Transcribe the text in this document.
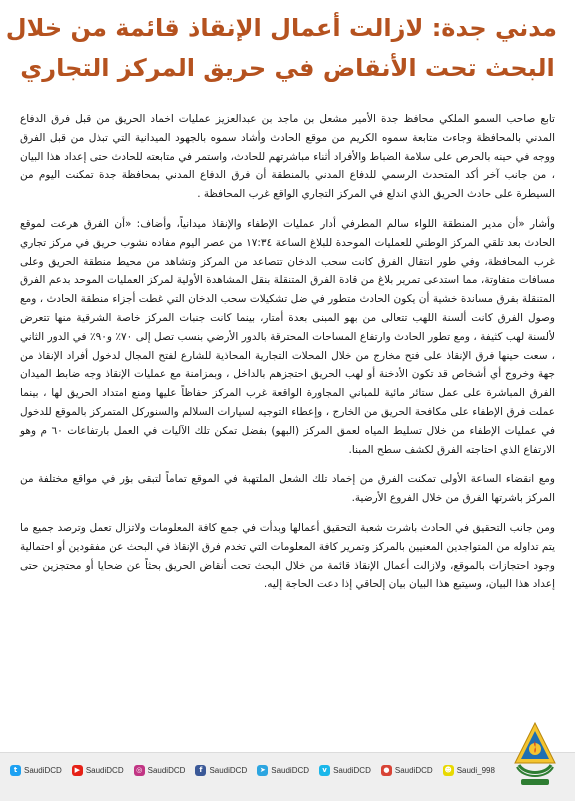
مدني جدة: لازالت أعمال الإنقاذ قائمة من خلال
البحث تحت الأنقاض في حريق المركز التجاري

تابع صاحب السمو الملكي محافظ جدة الأمير مشعل بن ماجد بن عبدالعزيز عمليات اخماد الحريق من قبل فرق الدفاع المدني بالمحافظة وجاءت متابعة سموه الكريم من موقع الحادث وأشاد سموه بالجهود الميدانية التي تبذل من قبل الفرق ووجه في حينه بالحرص على سلامة الضباط والأفراد أثناء مباشرتهم للحادث، واستمر في متابعته للحادث حتى إعداد هذا البيان ، من جانب آخر أكد المتحدث الرسمي للدفاع المدني بالمنطقة أن فرق الدفاع المدني بمحافظة جدة تمكنت اليوم من السيطرة على حادث الحريق الذي اندلع في المركز التجاري الواقع غرب المحافظة .

وأشار «أن مدير المنطقة اللواء سالم المطرفي أدار عمليات الإطفاء والإنقاذ ميدانياً، وأضاف: «أن الفرق هرعت لموقع الحادث بعد تلقي المركز الوطني للعمليات الموحدة للبلاغ الساعة ١٧:٣٤ من عصر اليوم مفاده نشوب حريق في مركز تجاري غرب المحافظة، وفي طور انتقال الفرق كانت سحب الدخان تتصاعد من المركز وتشاهد من محيط منطقة الحريق وعلى مسافات متفاوتة، مما استدعى تمرير بلاغ من قادة الفرق المتنقلة بنقل المشاهدة الأولية لمركز العمليات الموحد بدعم الفرق المتنقلة بفرق مساندة خشية أن يكون الحادث متطور في ضل تشكيلات سحب الدخان التي غطت أجزاء منطقة الحادث ، ومع وصول الفرق كانت ألسنة اللهب تتعالى من بهو المبنى بعدة أمتار، بينما كانت جنبات المركز خاصة الشرقية منها تتعرض لألسنة لهب كثيفة ، ومع تطور الحادث وارتفاع المساحات المحترقة بالدور الأرضي بنسب تصل إلى ٧٠٪ و٩٠٪ في الدور الثاني ، سعت حينها فرق الإنقاذ على فتح مخارج من خلال المحلات التجارية المحاذية للشارع لفتح المجال لدخول أفراد الإنقاذ من جهة وخروج أي أشخاص قد تكون الأدخنة أو لهب الحريق احتجزهم بالداخل ، وبمزامنة مع عمليات الإنقاذ وجه ضابط الميدان الفرق المباشرة على عمل ستائر مائية للمباني المجاورة الواقعة غرب المركز حفاظاً عليها ومنع امتداد الحريق لها ، بينما عملت فرق الإطفاء على مكافحة الحريق من الخارج ، وإعطاء التوجيه لسيارات السلالم والسنوركل المتمركز بالموقع للدخول في عمليات الإطفاء من خلال تسليط المياه لعمق المركز (البهو) بفضل تمكن تلك الآليات في العمل بارتفاعات ٦٠ م وهو الارتفاع الذي احتاجته الفرق لكشف سطح المبنا.

ومع انقضاء الساعة الأولى تمكنت الفرق من إخماد تلك الشعل الملتهبة في الموقع تماماً لتبقى بؤر في مواقع مختلفة من المركز باشرتها الفرق من خلال الفروع الأرضية.

ومن جانب التحقيق في الحادث باشرت شعبة التحقيق أعمالها وبدأت في جمع كافة المعلومات ولاتزال تعمل وترصد جميع ما يتم تداوله من المتواجدين المعنيين بالمركز وتمرير كافة المعلومات التي تخدم فرق الإنقاذ في البحث عن مفقودين أو احتمالية وجود احتجازات بالموقع، ولازالت أعمال الإنقاذ قائمة من خلال البحث تحت أنقاض الحريق بحثاً عن ضحايا أو محتجزين حتى إعداد هذا البيان، وسيتبع هذا البيان بيان إلحاقي إذا دعت الحاجة إليه.

t SaudiDCD	▶ SaudiDCD	◎ SaudiDCD	f SaudiDCD	➤ SaudiDCD	v SaudiDCD	● SaudiDCD ☻ Saudi_998
